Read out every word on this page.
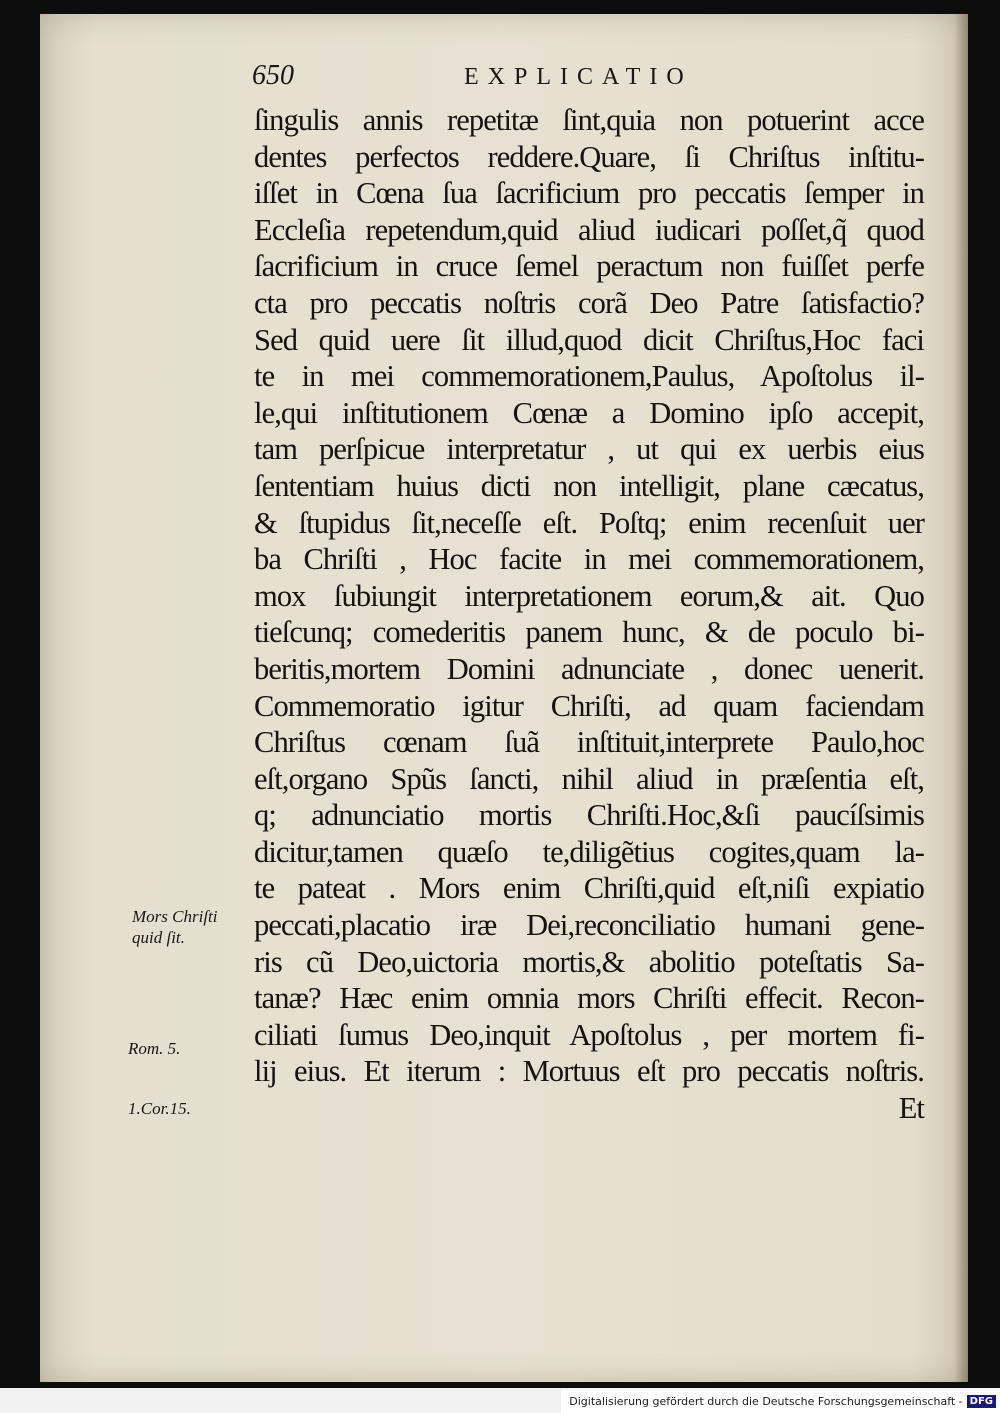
650	EXPLICATIO
ſingulis annis repetitæ ſint,quia non potuerint acce
dentes perfectos reddere.Quare, ſi Chriſtus inſtitu-
iſſet in Cœna ſua ſacrificium pro peccatis ſemper in
Eccleſia repetendum,quid aliud iudicari poſſet,q̃ quod
ſacrificium in cruce ſemel peractum non fuiſſet perfe
cta pro peccatis noſtris corã Deo Patre ſatisfactio?
Sed quid uere ſit illud,quod dicit Chriſtus,Hoc faci
te in mei commemorationem,Paulus, Apoſtolus il-
le,qui inſtitutionem Cœnæ a Domino ipſo accepit,
tam perſpicue interpretatur , ut qui ex uerbis eius
ſententiam huius dicti non intelligit, plane cæcatus,
& ſtupidus ſit,neceſſe eſt. Poſtq; enim recenſuit uer
ba Chriſti , Hoc facite in mei commemorationem,
mox ſubiungit interpretationem eorum,& ait. Quo
tieſcunq; comederitis panem hunc, & de poculo bi-
beritis,mortem Domini adnunciate , donec uenerit.
Commemoratio igitur Chriſti, ad quam faciendam
Chriſtus cœnam ſuã inſtituit,interprete Paulo,hoc
eſt,organo Spũs ſancti, nihil aliud in præſentia eſt,
q; adnunciatio mortis Chriſti.Hoc,&ſi paucíſsimis
dicitur,tamen quæſo te,diligẽtius cogites,quam la-
te pateat . Mors enim Chriſti,quid eſt,niſi expiatio
peccati,placatio iræ Dei,reconciliatio humani gene-
ris cũ Deo,uictoria mortis,& abolitio poteſtatis Sa-
tanæ? Hæc enim omnia mors Chriſti effecit. Recon-
ciliati ſumus Deo,inquit Apoſtolus , per mortem fi-
lij eius. Et iterum : Mortuus eſt pro peccatis noſtris.
Et
Mors Chriſti quid ſit.
Rom. 5.
1.Cor.15.
Digitalisierung gefördert durch die Deutsche Forschungsgemeinschaft - DFG
